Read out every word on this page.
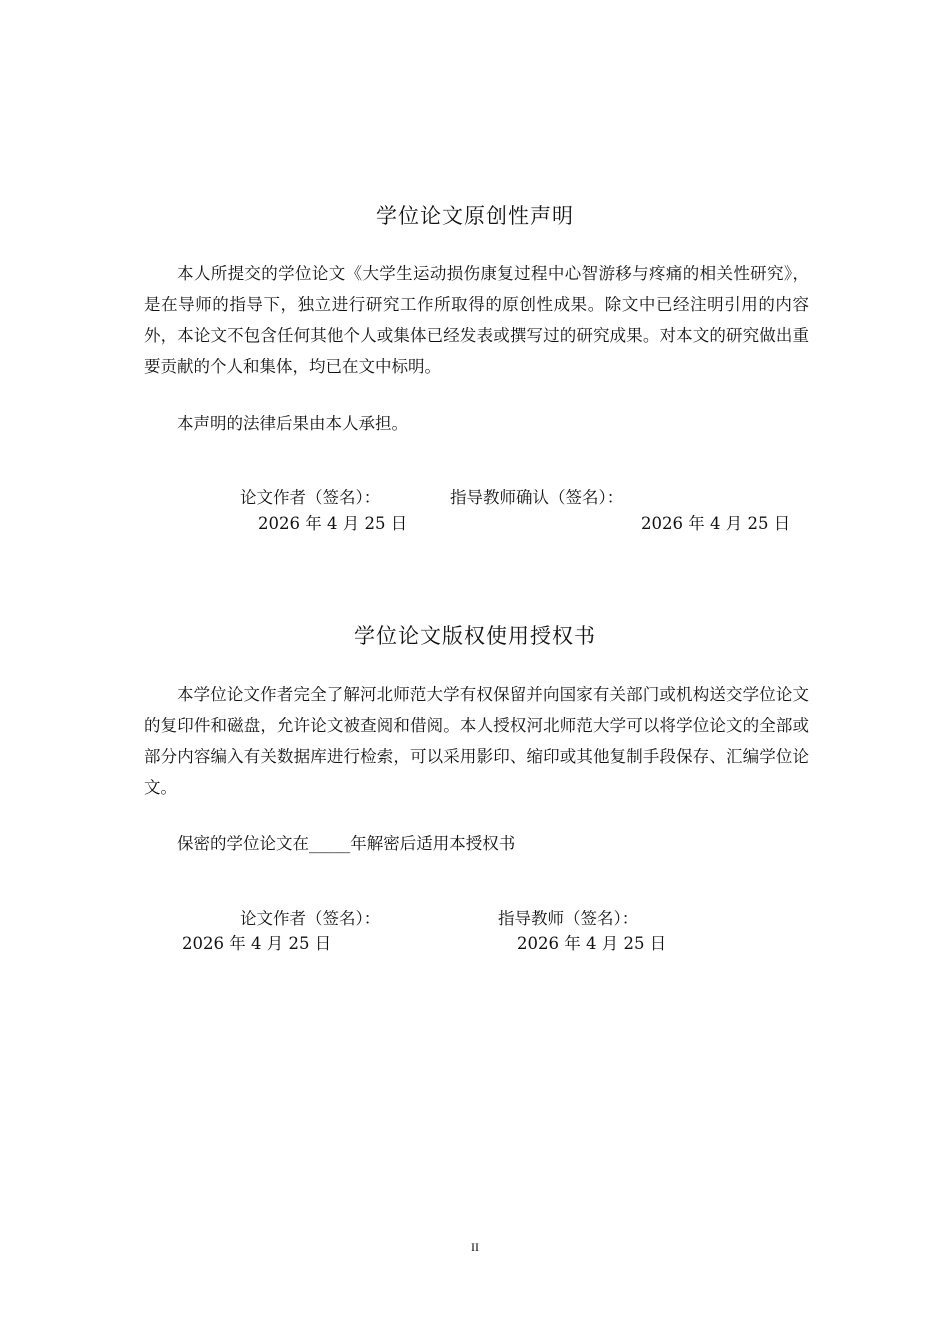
学位论文原创性声明
本人所提交的学位论文《大学生运动损伤康复过程中心智游移与疼痛的相关性研究》，是在导师的指导下，独立进行研究工作所取得的原创性成果。除文中已经注明引用的内容外，本论文不包含任何其他个人或集体已经发表或撰写过的研究成果。对本文的研究做出重要贡献的个人和集体，均已在文中标明。
本声明的法律后果由本人承担。
论文作者（签名）：	指导教师确认（签名）：
2026 年 4 月 25 日	2026 年 4 月 25 日
学位论文版权使用授权书
本学位论文作者完全了解河北师范大学有权保留并向国家有关部门或机构送交学位论文的复印件和磁盘，允许论文被查阅和借阅。本人授权河北师范大学可以将学位论文的全部或部分内容编入有关数据库进行检索，可以采用影印、缩印或其他复制手段保存、汇编学位论文。
保密的学位论文在_____年解密后适用本授权书
论文作者（签名）：	指导教师（签名）：
2026 年 4 月 25 日	2026 年 4 月 25 日
II
